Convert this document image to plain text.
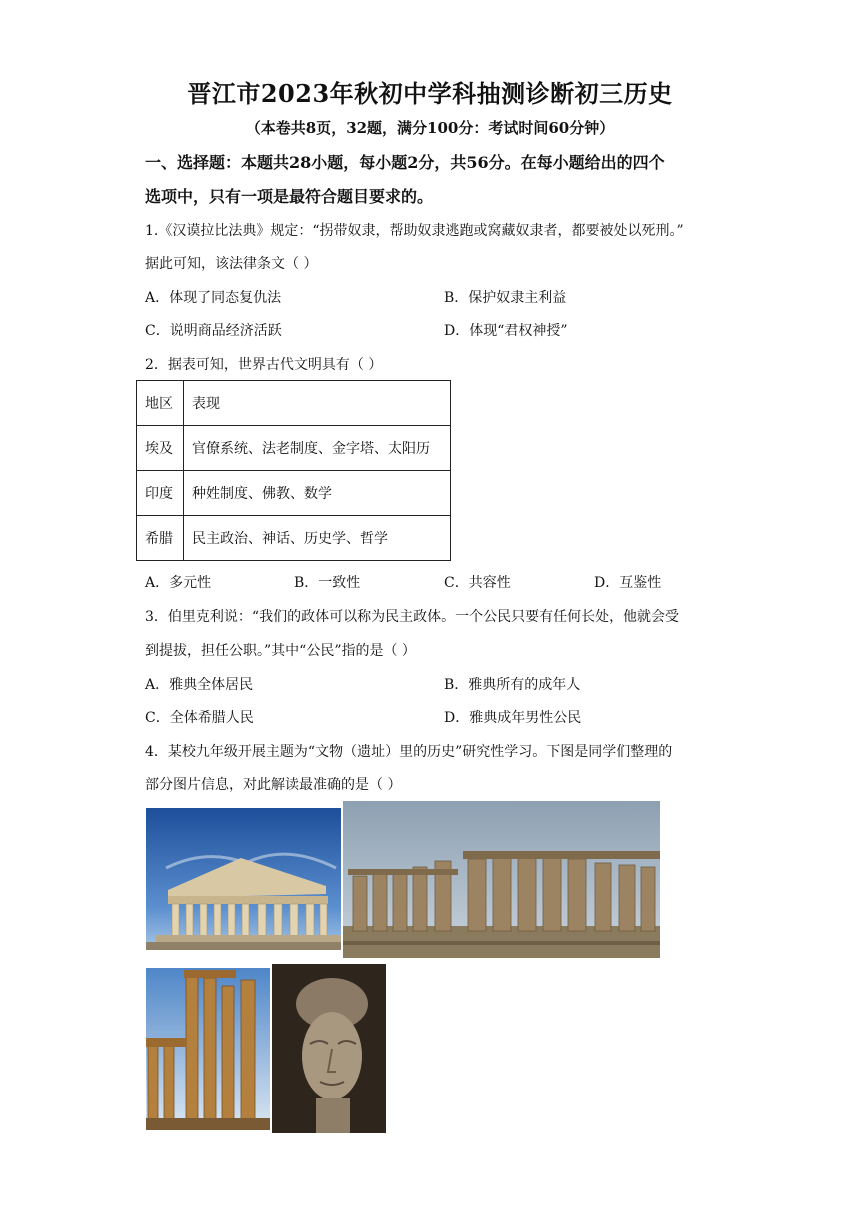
晋江市2023年秋初中学科抽测诊断初三历史
（本卷共8页，32题，满分100分：考试时间60分钟）
一、选择题：本题共28小题，每小题2分，共56分。在每小题给出的四个
选项中，只有一项是最符合题目要求的。
1.《汉谟拉比法典》规定：“拐带奴隶，帮助奴隶逃跑或窝藏奴隶者，都要被处以死刑。”
据此可知，该法律条文（ ）
A．体现了同态复仇法	B．保护奴隶主利益
C．说明商品经济活跃	D．体现“君权神授”
2．据表可知，世界古代文明具有（ ）
地区	表现
埃及	官僚系统、法老制度、金字塔、太阳历
印度	种姓制度、佛教、数学
希腊	民主政治、神话、历史学、哲学
A．多元性	B．一致性	C．共容性	D．互鉴性
3．伯里克利说：“我们的政体可以称为民主政体。一个公民只要有任何长处，他就会受
到提拔，担任公职。”其中“公民”指的是（ ）
A．雅典全体居民	B．雅典所有的成年人
C．全体希腊人民	D．雅典成年男性公民
4．某校九年级开展主题为“文物（遗址）里的历史”研究性学习。下图是同学们整理的
部分图片信息，对此解读最准确的是（ ）
